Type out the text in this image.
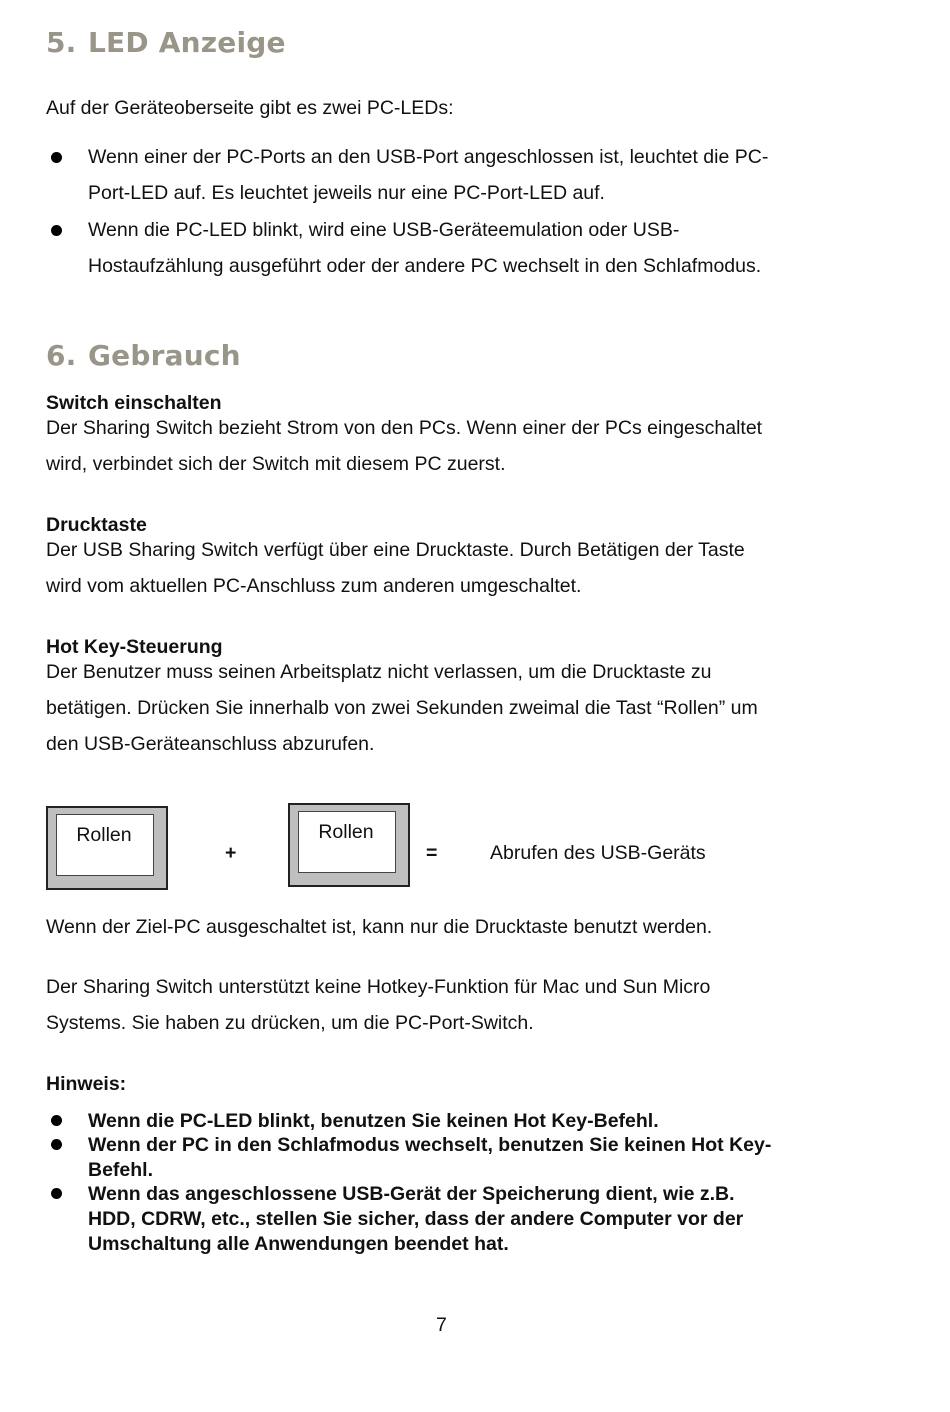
5. LED Anzeige
Auf der Geräteoberseite gibt es zwei PC-LEDs:
Wenn einer der PC-Ports an den USB-Port angeschlossen ist, leuchtet die PC-
Port-LED auf. Es leuchtet jeweils nur eine PC-Port-LED auf.
Wenn die PC-LED blinkt, wird eine USB-Geräteemulation oder USB-
Hostaufzählung ausgeführt oder der andere PC wechselt in den Schlafmodus.
6. Gebrauch
Switch einschalten
Der Sharing Switch bezieht Strom von den PCs. Wenn einer der PCs eingeschaltet
wird, verbindet sich der Switch mit diesem PC zuerst.
Drucktaste
Der USB Sharing Switch verfügt über eine Drucktaste. Durch Betätigen der Taste
wird vom aktuellen PC-Anschluss zum anderen umgeschaltet.
Hot Key-Steuerung
Der Benutzer muss seinen Arbeitsplatz nicht verlassen, um die Drucktaste zu
betätigen. Drücken Sie innerhalb von zwei Sekunden zweimal die Tast “Rollen” um
den USB-Geräteanschluss abzurufen.
Rollen
+
Rollen
=	Abrufen des USB-Geräts
Wenn der Ziel-PC ausgeschaltet ist, kann nur die Drucktaste benutzt werden.
Der Sharing Switch unterstützt keine Hotkey-Funktion für Mac und Sun Micro
Systems. Sie haben zu drücken, um die PC-Port-Switch.
Hinweis:
Wenn die PC-LED blinkt, benutzen Sie keinen Hot Key-Befehl.
Wenn der PC in den Schlafmodus wechselt, benutzen Sie keinen Hot Key-
Befehl.
Wenn das angeschlossene USB-Gerät der Speicherung dient, wie z.B.
HDD, CDRW, etc., stellen Sie sicher, dass der andere Computer vor der
Umschaltung alle Anwendungen beendet hat.
7
